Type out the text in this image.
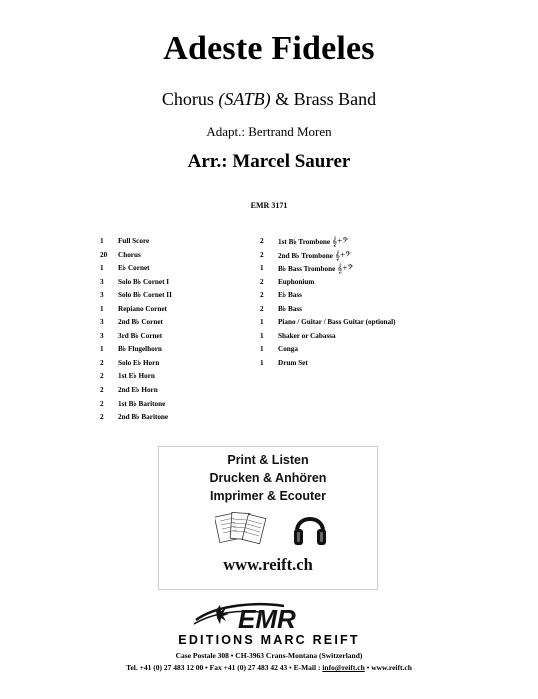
Adeste Fideles
Chorus (SATB) & Brass Band
Adapt.: Bertrand Moren
Arr.: Marcel Saurer
EMR 3171
1	Full Score
20	Chorus
1	E♭ Cornet
3	Solo B♭ Cornet I
3	Solo B♭ Cornet II
1	Repiano Cornet
3	2nd B♭ Cornet
3	3rd B♭ Cornet
1	B♭ Flugelhorn
2	Solo E♭ Horn
2	1st E♭ Horn
2	2nd E♭ Horn
2	1st B♭ Baritone
2	2nd B♭ Baritone
2	1st B♭ Trombone 𝄞+𝄢
2	2nd B♭ Trombone 𝄞+𝄢
1	B♭ Bass Trombone 𝄞+𝄢
2	Euphonium
2	E♭ Bass
2	B♭ Bass
1	Piano / Guitar / Bass Guitar (optional)
1	Shaker or Cabassa
1	Conga
1	Drum Set
Print & Listen
Drucken & Anhören
Imprimer & Ecouter
www.reift.ch
EMR
EDITIONS MARC REIFT
Case Postale 308 • CH-3963 Crans-Montana (Switzerland)
Tel. +41 (0) 27 483 12 00 • Fax +41 (0) 27 483 42 43 • E-Mail : info@reift.ch • www.reift.ch
